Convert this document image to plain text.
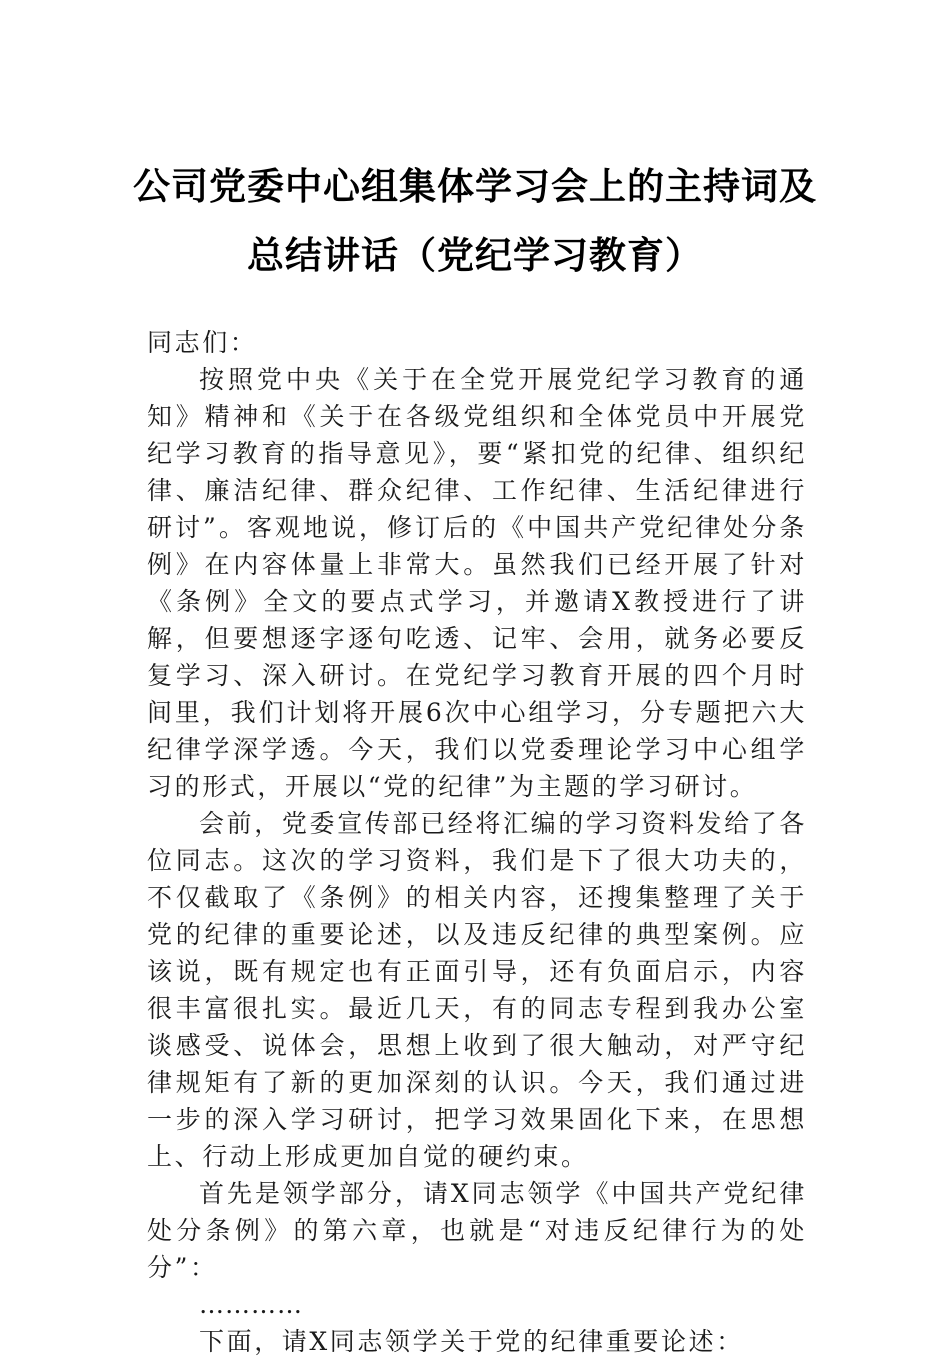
公司党委中心组集体学习会上的主持词及
总结讲话（党纪学习教育）

同志们：

按照党中央《关于在全党开展党纪学习教育的通知》精神和《关于在各级党组织和全体党员中开展党纪学习教育的指导意见》，要“紧扣党的纪律、组织纪律、廉洁纪律、群众纪律、工作纪律、生活纪律进行研讨”。客观地说，修订后的《中国共产党纪律处分条例》在内容体量上非常大。虽然我们已经开展了针对《条例》全文的要点式学习，并邀请X教授进行了讲解，但要想逐字逐句吃透、记牢、会用，就务必要反复学习、深入研讨。在党纪学习教育开展的四个月时间里，我们计划将开展6次中心组学习，分专题把六大纪律学深学透。今天，我们以党委理论学习中心组学习的形式，开展以“党的纪律”为主题的学习研讨。

会前，党委宣传部已经将汇编的学习资料发给了各位同志。这次的学习资料，我们是下了很大功夫的，不仅截取了《条例》的相关内容，还搜集整理了关于党的纪律的重要论述，以及违反纪律的典型案例。应该说，既有规定也有正面引导，还有负面启示，内容很丰富很扎实。最近几天，有的同志专程到我办公室谈感受、说体会，思想上收到了很大触动，对严守纪律规矩有了新的更加深刻的认识。今天，我们通过进一步的深入学习研讨，把学习效果固化下来，在思想上、行动上形成更加自觉的硬约束。

首先是领学部分，请X同志领学《中国共产党纪律处分条例》的第六章，也就是“对违反纪律行为的处分”：

…………

下面，请X同志领学关于党的纪律重要论述：
